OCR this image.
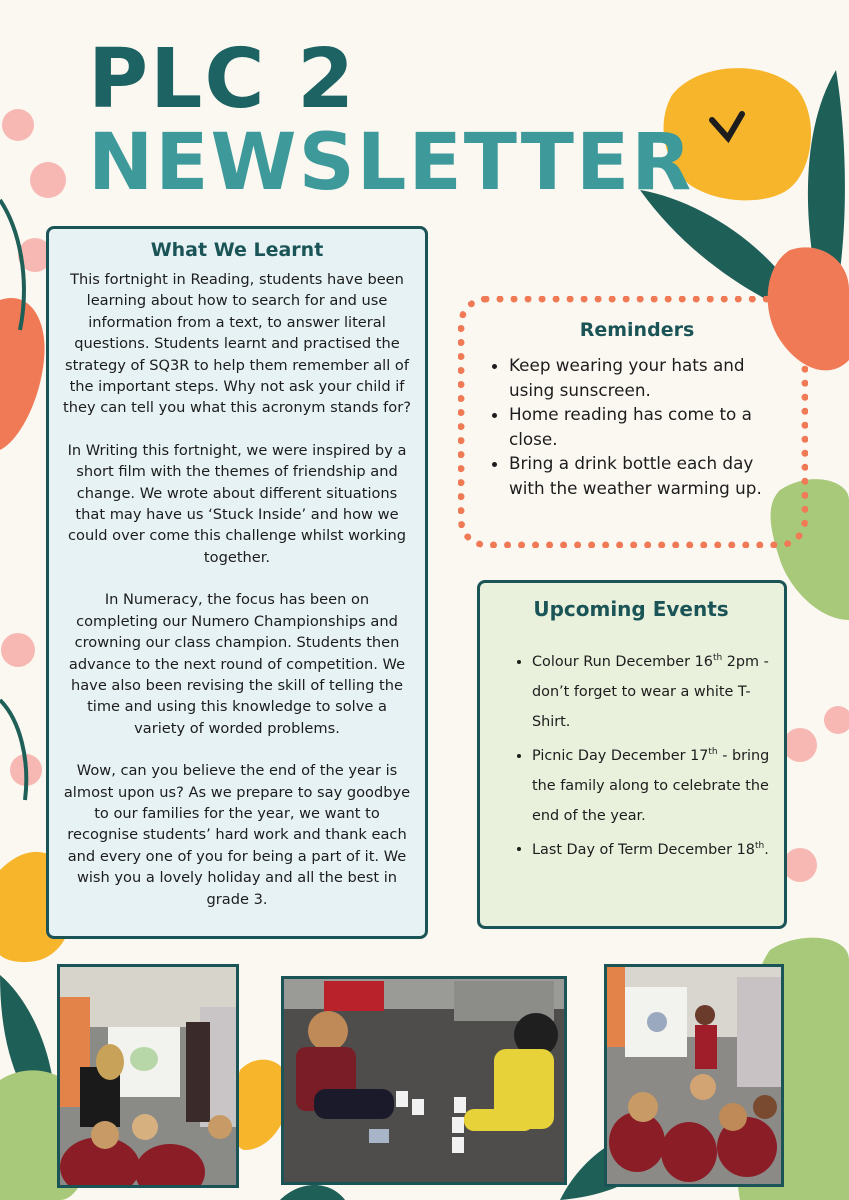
PLC 2
NEWSLETTER
What We Learnt

This fortnight in Reading, students have been learning about how to search for and use information from a text, to answer literal questions. Students learnt and practised the strategy of SQ3R to help them remember all of the important steps. Why not ask your child if they can tell you what this acronym stands for?

In Writing this fortnight, we were inspired by a short film with the themes of friendship and change. We wrote about different situations that may have us ‘Stuck Inside’ and how we could over come this challenge whilst working together.

In Numeracy, the focus has been on completing our Numero Championships and crowning our class champion. Students then advance to the next round of competition. We have also been revising the skill of telling the time and using this knowledge to solve a variety of worded problems.

Wow, can you believe the end of the year is almost upon us? As we prepare to say goodbye to our families for the year, we want to recognise students’ hard work and thank each and every one of you for being a part of it. We wish you a lovely holiday and all the best in grade 3.

Reminders
• Keep wearing your hats and using sunscreen.
• Home reading has come to a close.
• Bring a drink bottle each day with the weather warming up.
Upcoming Events
• Colour Run December 16th 2pm - don’t forget to wear a white T-Shirt.
• Picnic Day December 17th - bring the family along to celebrate the end of the year.
• Last Day of Term December 18th.
